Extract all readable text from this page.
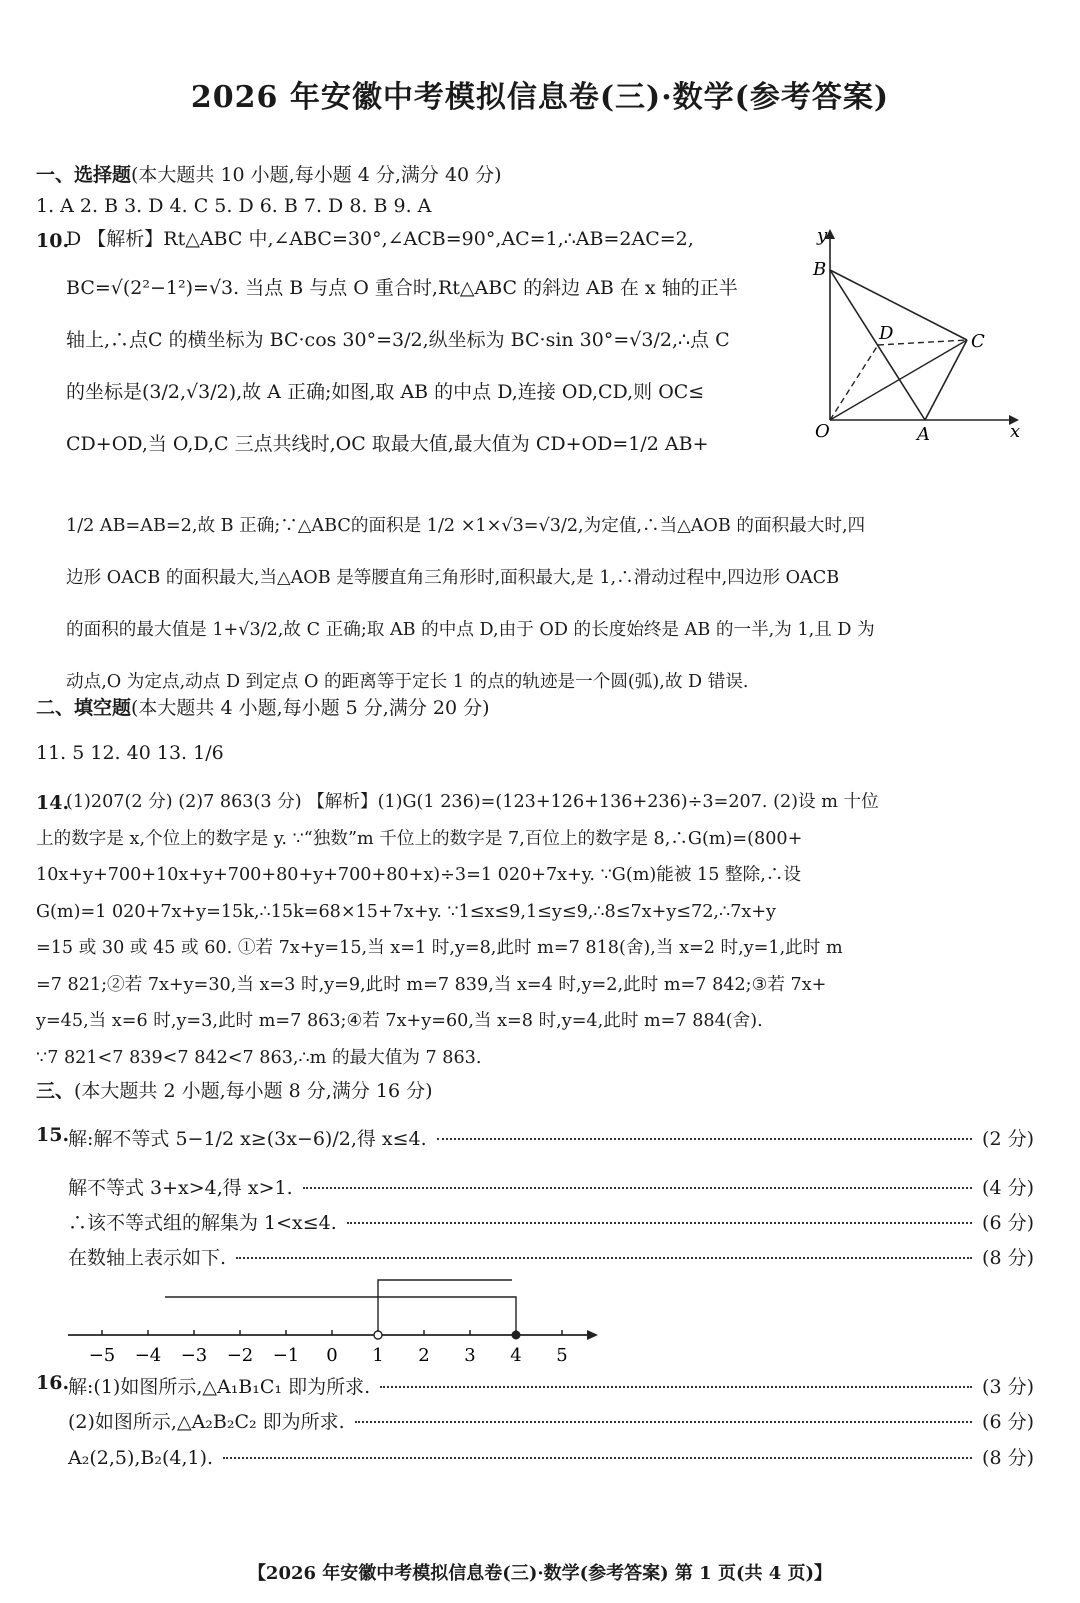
2026 年安徽中考模拟信息卷(三)·数学(参考答案)
一、选择题(本大题共 10 小题,每小题 4 分,满分 40 分)
1. A 2. B 3. D 4. C 5. D 6. B 7. D 8. B 9. A
10.
D 【解析】Rt△ABC 中,∠ABC=30°,∠ACB=90°,AC=1,∴AB=2AC=2,
BC=√(2²−1²)=√3. 当点 B 与点 O 重合时,Rt△ABC 的斜边 AB 在 x 轴的正半
轴上,∴点C 的横坐标为 BC·cos 30°=3/2,纵坐标为 BC·sin 30°=√3/2,∴点 C
的坐标是(3/2,√3/2),故 A 正确;如图,取 AB 的中点 D,连接 OD,CD,则 OC≤
CD+OD,当 O,D,C 三点共线时,OC 取最大值,最大值为 CD+OD=1/2 AB+
1/2 AB=AB=2,故 B 正确;∵△ABC的面积是 1/2 ×1×√3=√3/2,为定值,∴当△AOB 的面积最大时,四
边形 OACB 的面积最大,当△AOB 是等腰直角三角形时,面积最大,是 1,∴滑动过程中,四边形 OACB
的面积的最大值是 1+√3/2,故 C 正确;取 AB 的中点 D,由于 OD 的长度始终是 AB 的一半,为 1,且 D 为
动点,O 为定点,动点 D 到定点 O 的距离等于定长 1 的点的轨迹是一个圆(弧),故 D 错误.
y
x
B
D	C
O	A
二、填空题(本大题共 4 小题,每小题 5 分,满分 20 分)
11. 5 12. 40 13. 1/6
14.
(1)207(2 分) (2)7 863(3 分) 【解析】(1)G(1 236)=(123+126+136+236)÷3=207. (2)设 m 十位
上的数字是 x,个位上的数字是 y. ∵“独数”m 千位上的数字是 7,百位上的数字是 8,∴G(m)=(800+
10x+y+700+10x+y+700+80+y+700+80+x)÷3=1 020+7x+y. ∵G(m)能被 15 整除,∴设
G(m)=1 020+7x+y=15k,∴15k=68×15+7x+y. ∵1≤x≤9,1≤y≤9,∴8≤7x+y≤72,∴7x+y
=15 或 30 或 45 或 60. ①若 7x+y=15,当 x=1 时,y=8,此时 m=7 818(舍),当 x=2 时,y=1,此时 m
=7 821;②若 7x+y=30,当 x=3 时,y=9,此时 m=7 839,当 x=4 时,y=2,此时 m=7 842;③若 7x+
y=45,当 x=6 时,y=3,此时 m=7 863;④若 7x+y=60,当 x=8 时,y=4,此时 m=7 884(舍).
∵7 821<7 839<7 842<7 863,∴m 的最大值为 7 863.
三、(本大题共 2 小题,每小题 8 分,满分 16 分)
15.
解:解不等式 5−1/2 x≥(3x−6)/2,得 x≤4.	(2 分)
解不等式 3+x>4,得 x>1.	(4 分)
∴该不等式组的解集为 1<x≤4.	(6 分)
在数轴上表示如下.	(8 分)
−5 −4 −3 −2 −1 0 1 2 3 4 5
16.
解:(1)如图所示,△A₁B₁C₁ 即为所求.	(3 分)
(2)如图所示,△A₂B₂C₂ 即为所求.	(6 分)
A₂(2,5),B₂(4,1).	(8 分)
【2026 年安徽中考模拟信息卷(三)·数学(参考答案) 第 1 页(共 4 页)】
